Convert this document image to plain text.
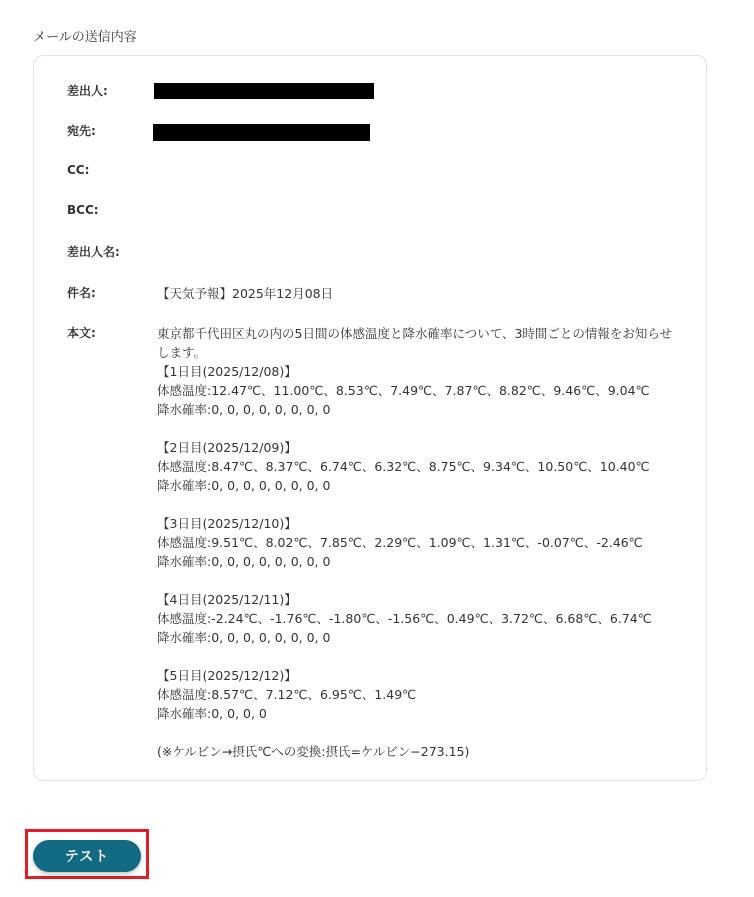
メールの送信内容
差出人:
宛先:
CC:
BCC:
差出人名:
件名:	【天気予報】2025年12月08日
本文:	東京都千代田区丸の内の5日間の体感温度と降水確率について、3時間ごとの情報をお知らせ
します。
【1日目(2025/12/08)】
体感温度:12.47℃、11.00℃、8.53℃、7.49℃、7.87℃、8.82℃、9.46℃、9.04℃
降水確率:0, 0, 0, 0, 0, 0, 0, 0

【2日目(2025/12/09)】
体感温度:8.47℃、8.37℃、6.74℃、6.32℃、8.75℃、9.34℃、10.50℃、10.40℃
降水確率:0, 0, 0, 0, 0, 0, 0, 0

【3日目(2025/12/10)】
体感温度:9.51℃、8.02℃、7.85℃、2.29℃、1.09℃、1.31℃、-0.07℃、-2.46℃
降水確率:0, 0, 0, 0, 0, 0, 0, 0

【4日目(2025/12/11)】
体感温度:-2.24℃、-1.76℃、-1.80℃、-1.56℃、0.49℃、3.72℃、6.68℃、6.74℃
降水確率:0, 0, 0, 0, 0, 0, 0, 0

【5日目(2025/12/12)】
体感温度:8.57℃、7.12℃、6.95℃、1.49℃
降水確率:0, 0, 0, 0

(※ケルビン→摂氏℃への変換:摂氏=ケルビン−273.15)
テスト
